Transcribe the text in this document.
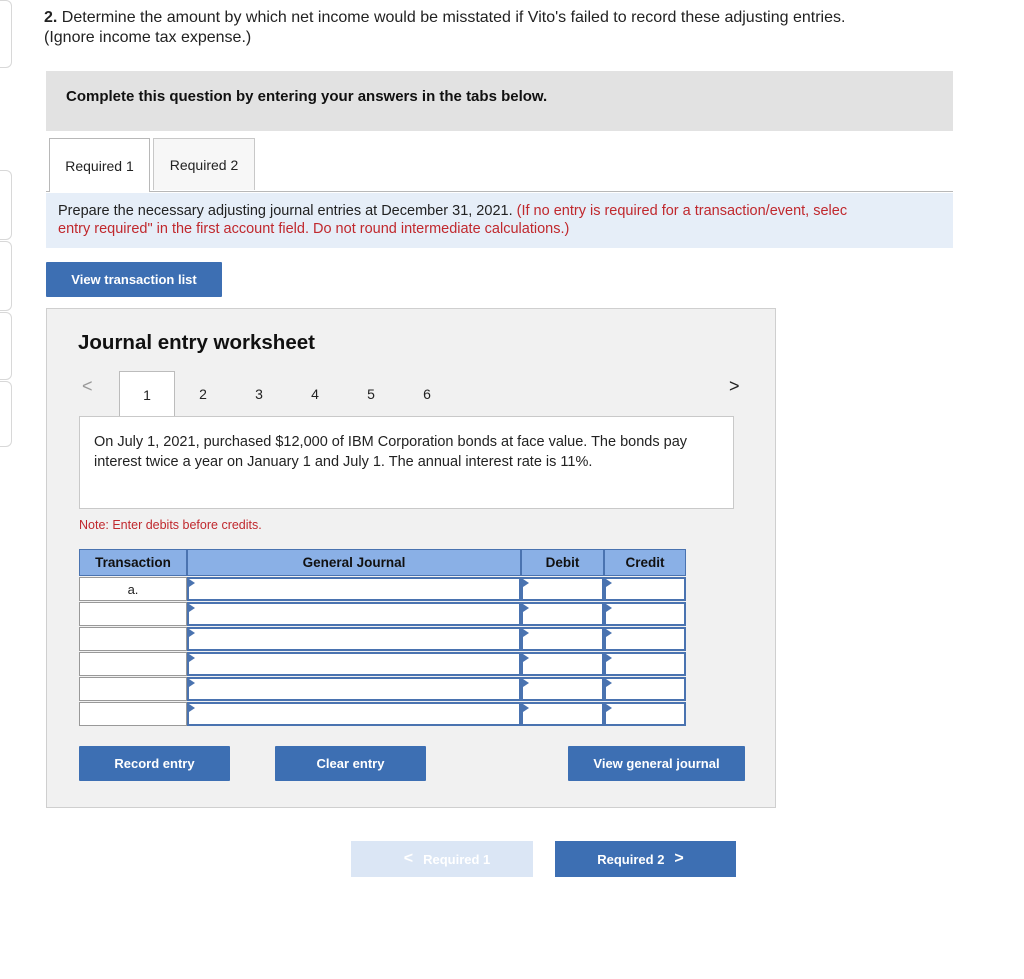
2. Determine the amount by which net income would be misstated if Vito's failed to record these adjusting entries.
(Ignore income tax expense.)
Complete this question by entering your answers in the tabs below.
Required 1	Required 2
Prepare the necessary adjusting journal entries at December 31, 2021. (If no entry is required for a transaction/event, selec
entry required" in the first account field. Do not round intermediate calculations.)
View transaction list
Journal entry worksheet
<	>
1	2	3	4	5	6
On July 1, 2021, purchased $12,000 of IBM Corporation bonds at face value. The bonds pay interest twice a year on January 1 and July 1. The annual interest rate is 11%.
Note: Enter debits before credits.
Transaction	General Journal	Debit	Credit
a.
Record entry	Clear entry	View general journal
< Required 1	Required 2 >
